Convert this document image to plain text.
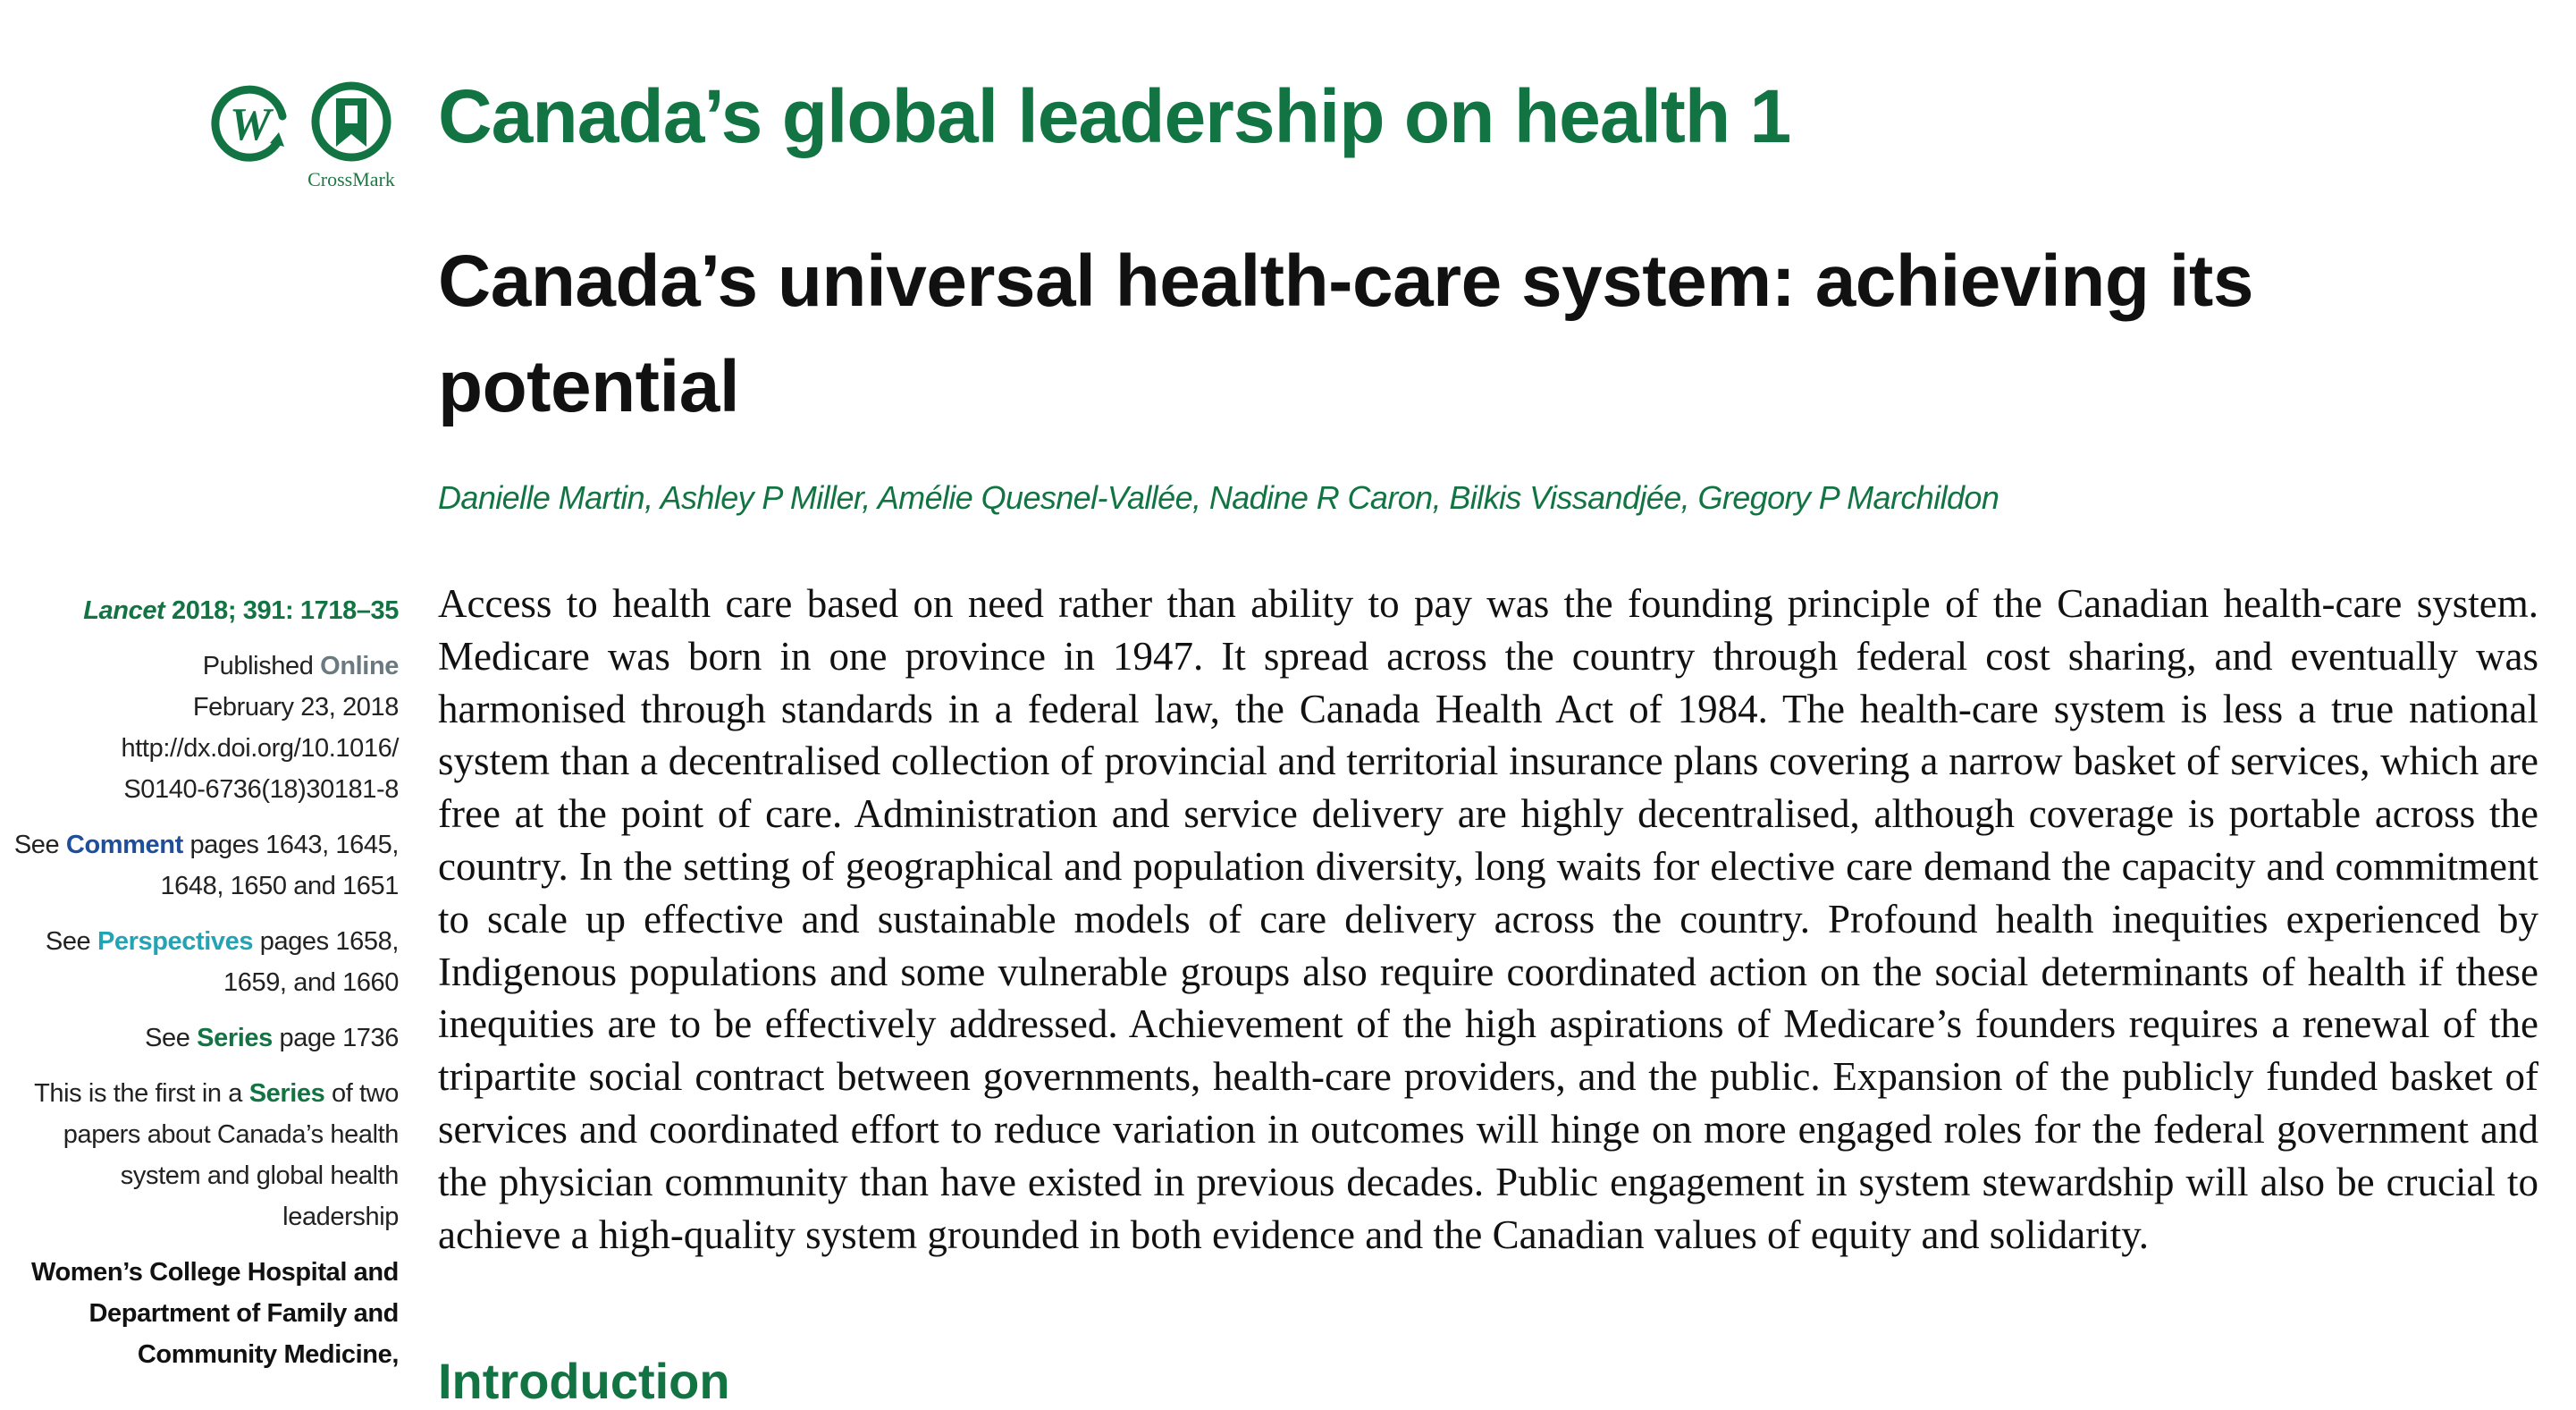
W
CrossMark
Canada’s global leadership on health 1
Canada’s universal health-care system: achieving its potential

Danielle Martin, Ashley P Miller, Amélie Quesnel-Vallée, Nadine R Caron, Bilkis Vissandjée, Gregory P Marchildon

Lancet 2018; 391: 1718–35

Published Online
February 23, 2018
http://dx.doi.org/10.1016/
S0140-6736(18)30181-8

See Comment pages 1643, 1645, 1648, 1650 and 1651

See Perspectives pages 1658, 1659, and 1660

See Series page 1736

This is the first in a Series of two papers about Canada’s health system and global health leadership

Women’s College Hospital and Department of Family and Community Medicine,

Access to health care based on need rather than ability to pay was the founding principle of the Canadian health-care system. Medicare was born in one province in 1947. It spread across the country through federal cost sharing, and eventually was harmonised through standards in a federal law, the Canada Health Act of 1984. The health-care system is less a true national system than a decentralised collection of provincial and territorial insurance plans covering a narrow basket of services, which are free at the point of care. Administration and service delivery are highly decentralised, although coverage is portable across the country. In the setting of geographical and population diversity, long waits for elective care demand the capacity and commitment to scale up effective and sustainable models of care delivery across the country. Profound health inequities experienced by Indigenous populations and some vulnerable groups also require coordinated action on the social determinants of health if these inequities are to be effectively addressed. Achievement of the high aspirations of Medicare’s founders requires a renewal of the tripartite social contract between governments, health-care providers, and the public. Expansion of the publicly funded basket of services and coordinated effort to reduce variation in outcomes will hinge on more engaged roles for the federal government and the physician community than have existed in previous decades. Public engagement in system stewardship will also be crucial to achieve a high-quality system grounded in both evidence and the Canadian values of equity and solidarity.

Introduction
